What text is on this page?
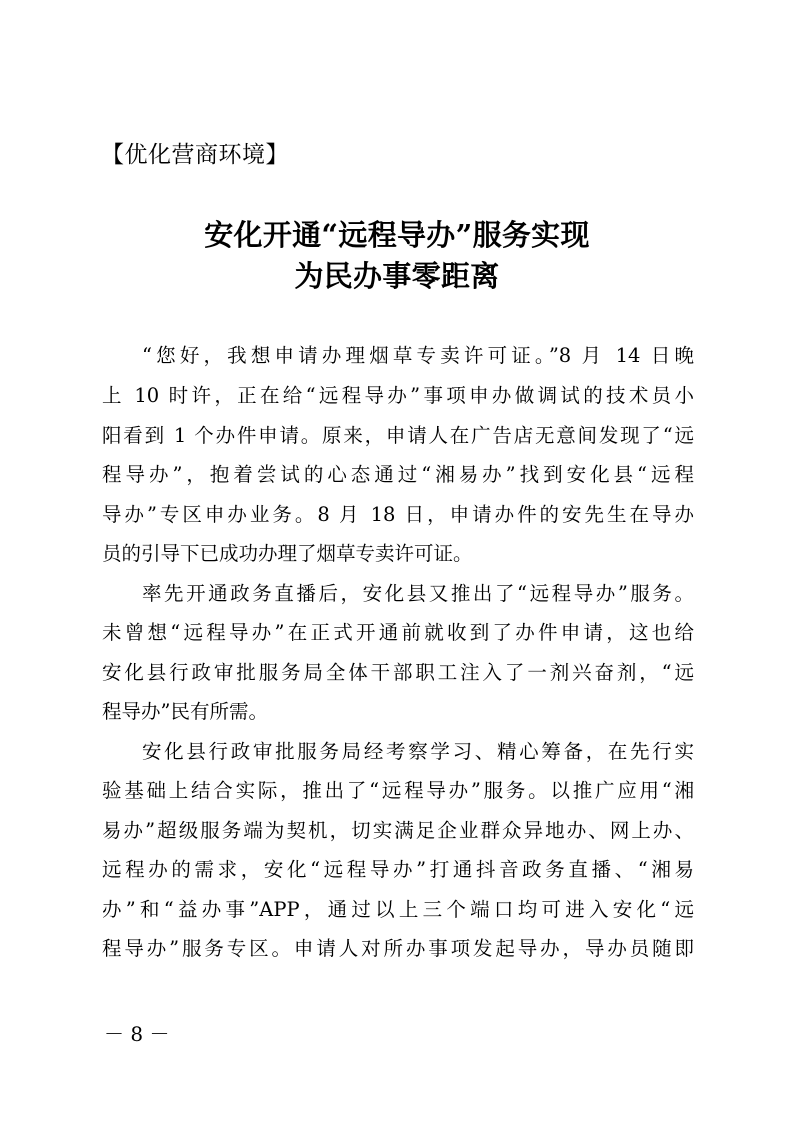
【优化营商环境】
安化开通“远程导办”服务实现
为民办事零距离
“您好，我想申请办理烟草专卖许可证。”8 月 14 日晚
上 10 时许，正在给“远程导办”事项申办做调试的技术员小
阳看到 1 个办件申请。原来，申请人在广告店无意间发现了“远
程导办”，抱着尝试的心态通过“湘易办”找到安化县“远程
导办”专区申办业务。8 月 18 日，申请办件的安先生在导办
员的引导下已成功办理了烟草专卖许可证。
率先开通政务直播后，安化县又推出了“远程导办”服务。
未曾想“远程导办”在正式开通前就收到了办件申请，这也给
安化县行政审批服务局全体干部职工注入了一剂兴奋剂，“远
程导办”民有所需。
安化县行政审批服务局经考察学习、精心筹备，在先行实
验基础上结合实际，推出了“远程导办”服务。以推广应用“湘
易办”超级服务端为契机，切实满足企业群众异地办、网上办、
远程办的需求，安化“远程导办”打通抖音政务直播、“湘易
办”和“益办事”APP，通过以上三个端口均可进入安化“远
程导办”服务专区。申请人对所办事项发起导办，导办员随即
－ 8 －
